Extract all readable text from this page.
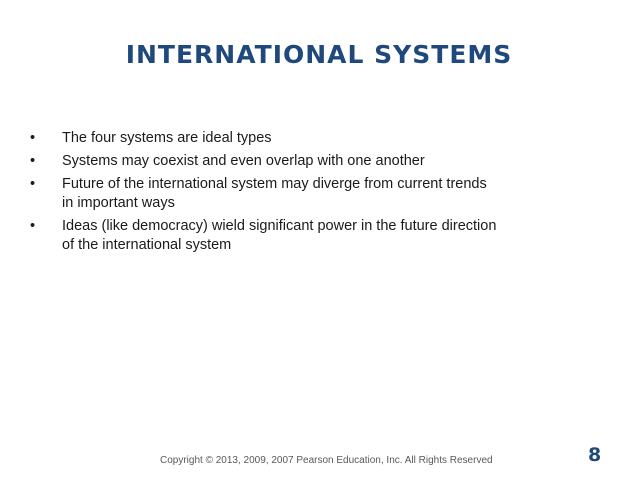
INTERNATIONAL SYSTEMS
• The four systems are ideal types
• Systems may coexist and even overlap with one another
• Future of the international system may diverge from current trends in important ways
• Ideas (like democracy) wield significant power in the future direction of the international system
Copyright © 2013, 2009, 2007 Pearson Education, Inc. All Rights Reserved	8
